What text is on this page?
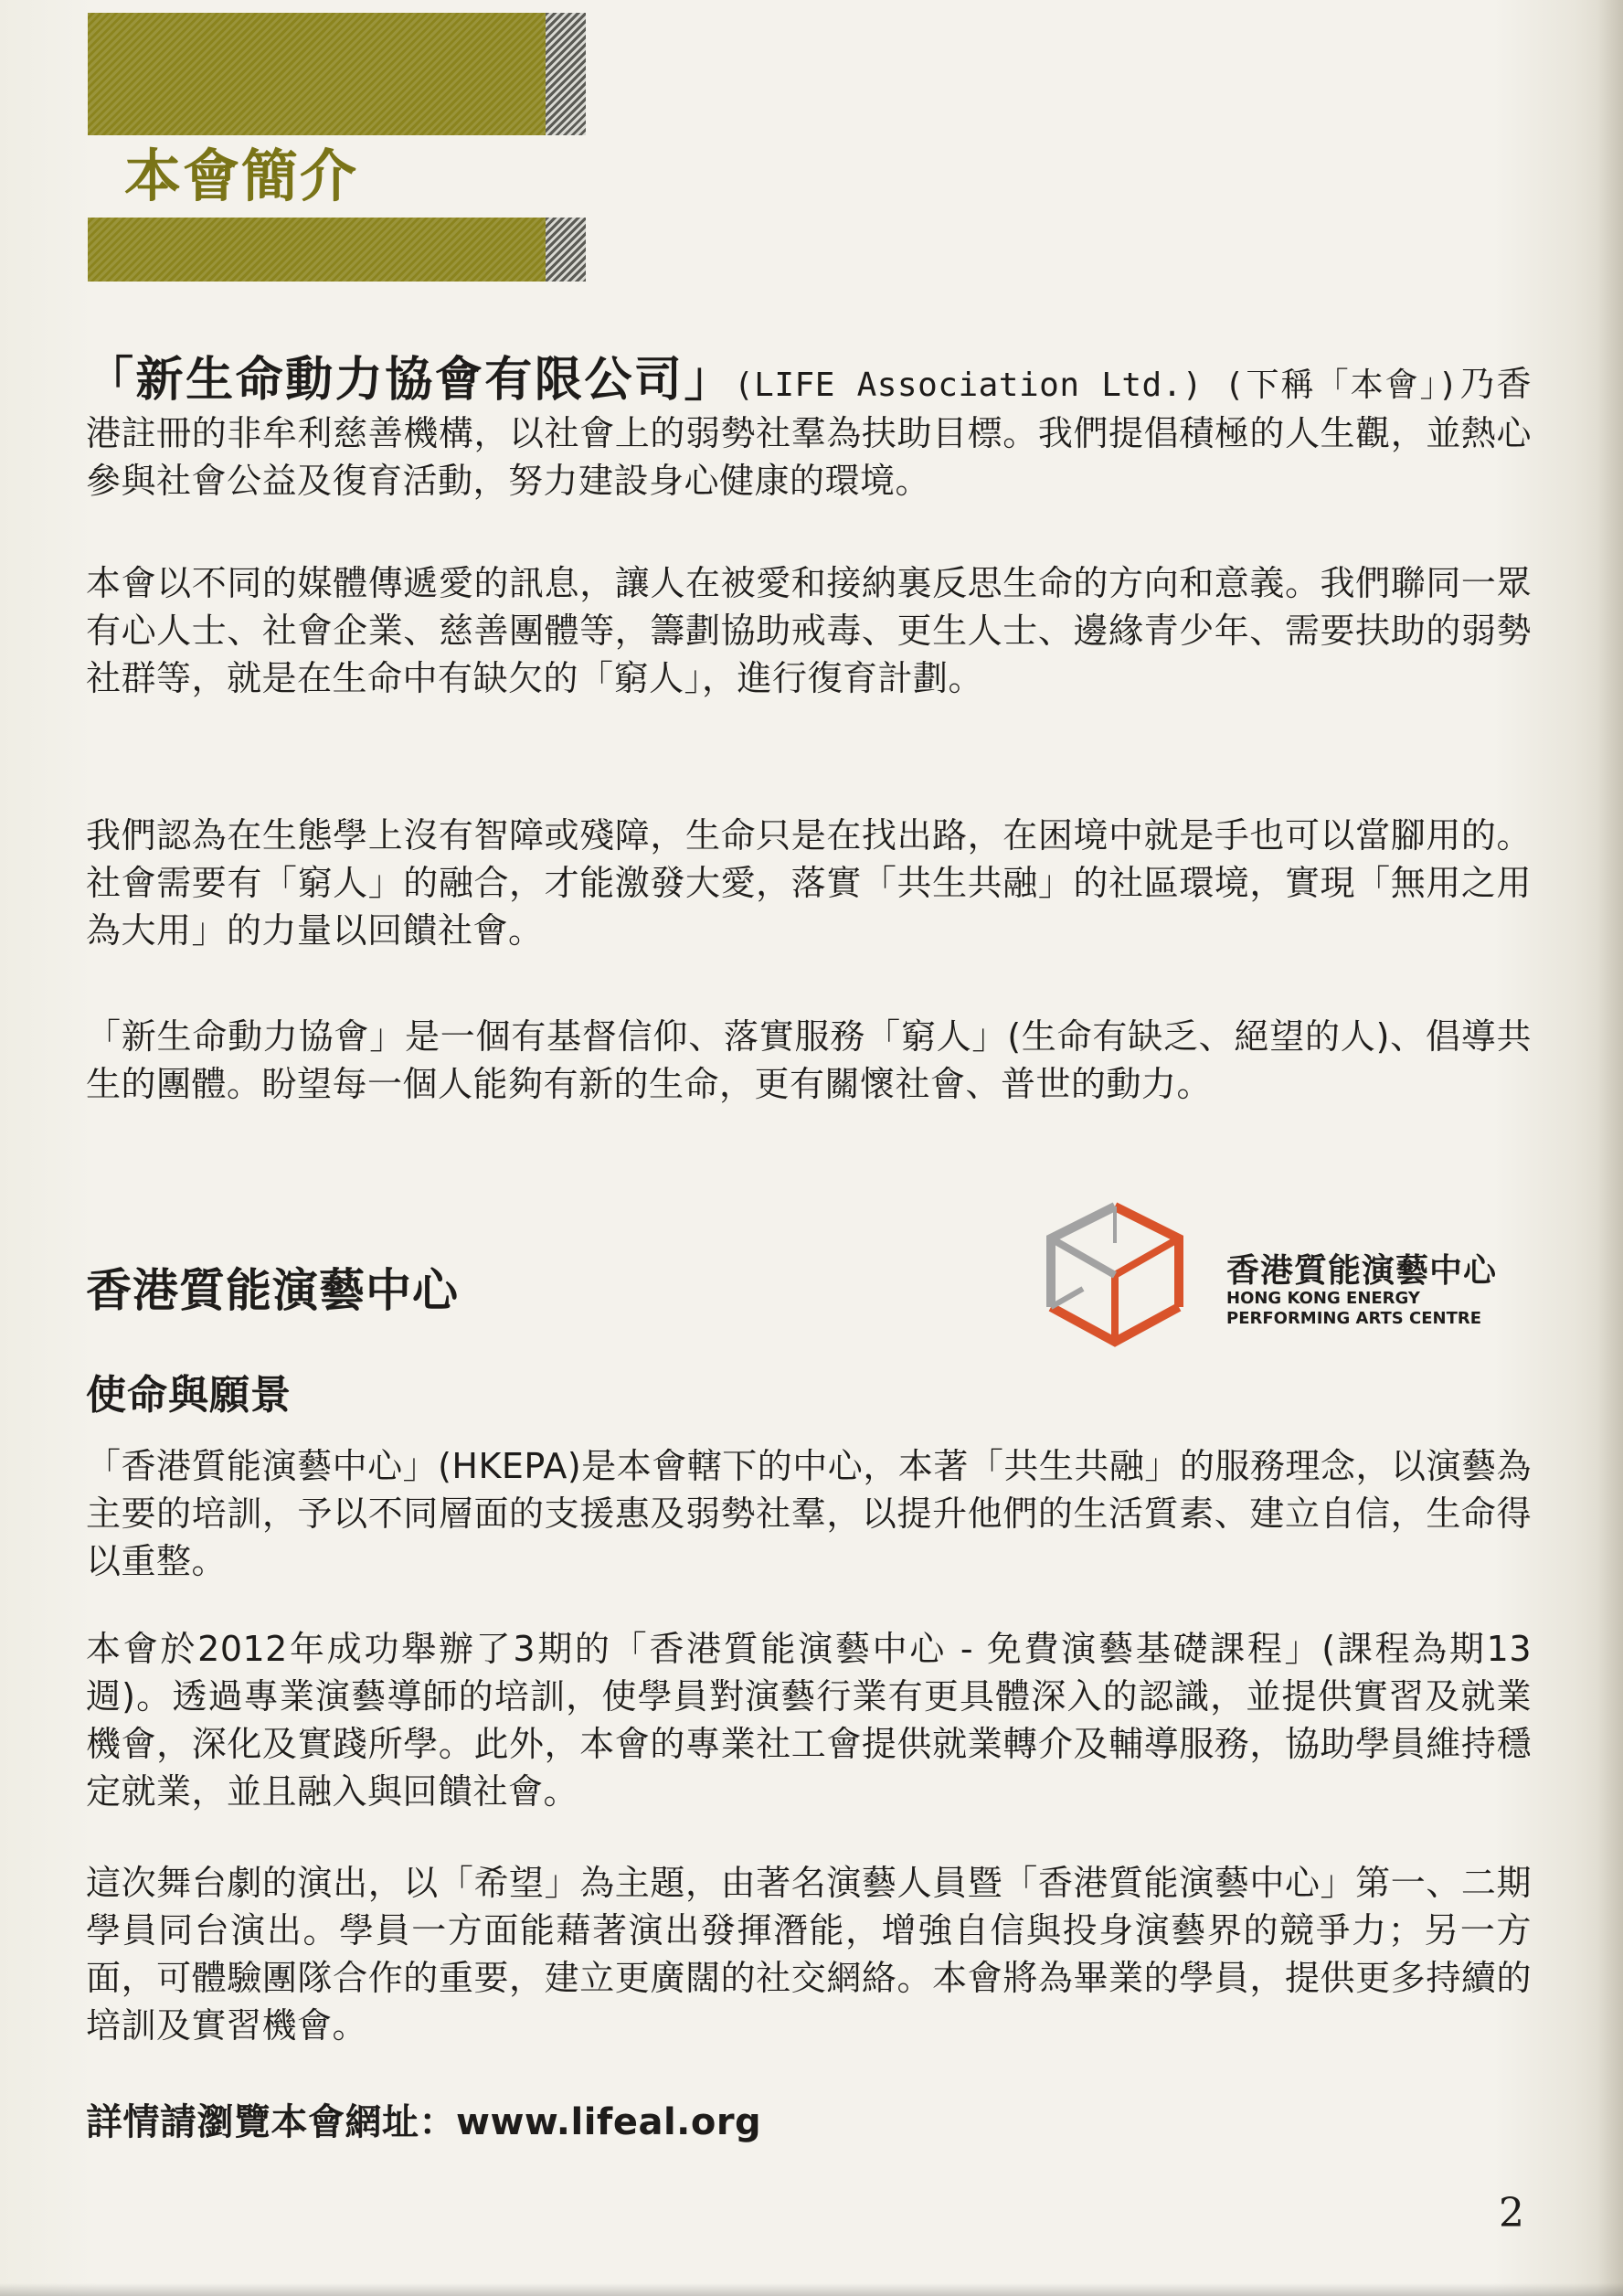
本會簡介

「新生命動力協會有限公司」(LIFE Association Ltd.) (下稱「本會」)乃香港註冊的非牟利慈善機構，以社會上的弱勢社羣為扶助目標。我們提倡積極的人生觀，並熱心參與社會公益及復育活動，努力建設身心健康的環境。

本會以不同的媒體傳遞愛的訊息，讓人在被愛和接納裏反思生命的方向和意義。我們聯同一眾有心人士、社會企業、慈善團體等，籌劃協助戒毒、更生人士、邊緣青少年、需要扶助的弱勢社群等，就是在生命中有缺欠的「窮人」，進行復育計劃。

我們認為在生態學上沒有智障或殘障，生命只是在找出路，在困境中就是手也可以當腳用的。社會需要有「窮人」的融合，才能激發大愛，落實「共生共融」的社區環境，實現「無用之用為大用」的力量以回饋社會。

「新生命動力協會」是一個有基督信仰、落實服務「窮人」(生命有缺乏、絕望的人)、倡導共生的團體。盼望每一個人能夠有新的生命，更有關懷社會、普世的動力。

香港質能演藝中心	香港質能演藝中心

HONG KONG ENERGY
PERFORMING ARTS CENTRE

使命與願景

「香港質能演藝中心」(HKEPA)是本會轄下的中心，本著「共生共融」的服務理念，以演藝為主要的培訓，予以不同層面的支援惠及弱勢社羣，以提升他們的生活質素、建立自信，生命得以重整。

本會於2012年成功舉辦了3期的「香港質能演藝中心 - 免費演藝基礎課程」(課程為期13週)。透過專業演藝導師的培訓，使學員對演藝行業有更具體深入的認識，並提供實習及就業機會，深化及實踐所學。此外，本會的專業社工會提供就業轉介及輔導服務，協助學員維持穩定就業，並且融入與回饋社會。

這次舞台劇的演出，以「希望」為主題，由著名演藝人員暨「香港質能演藝中心」第一、二期學員同台演出。學員一方面能藉著演出發揮潛能，增強自信與投身演藝界的競爭力；另一方面，可體驗團隊合作的重要，建立更廣闊的社交網絡。本會將為畢業的學員，提供更多持續的培訓及實習機會。

詳情請瀏覽本會網址：www.lifeal.org

2
